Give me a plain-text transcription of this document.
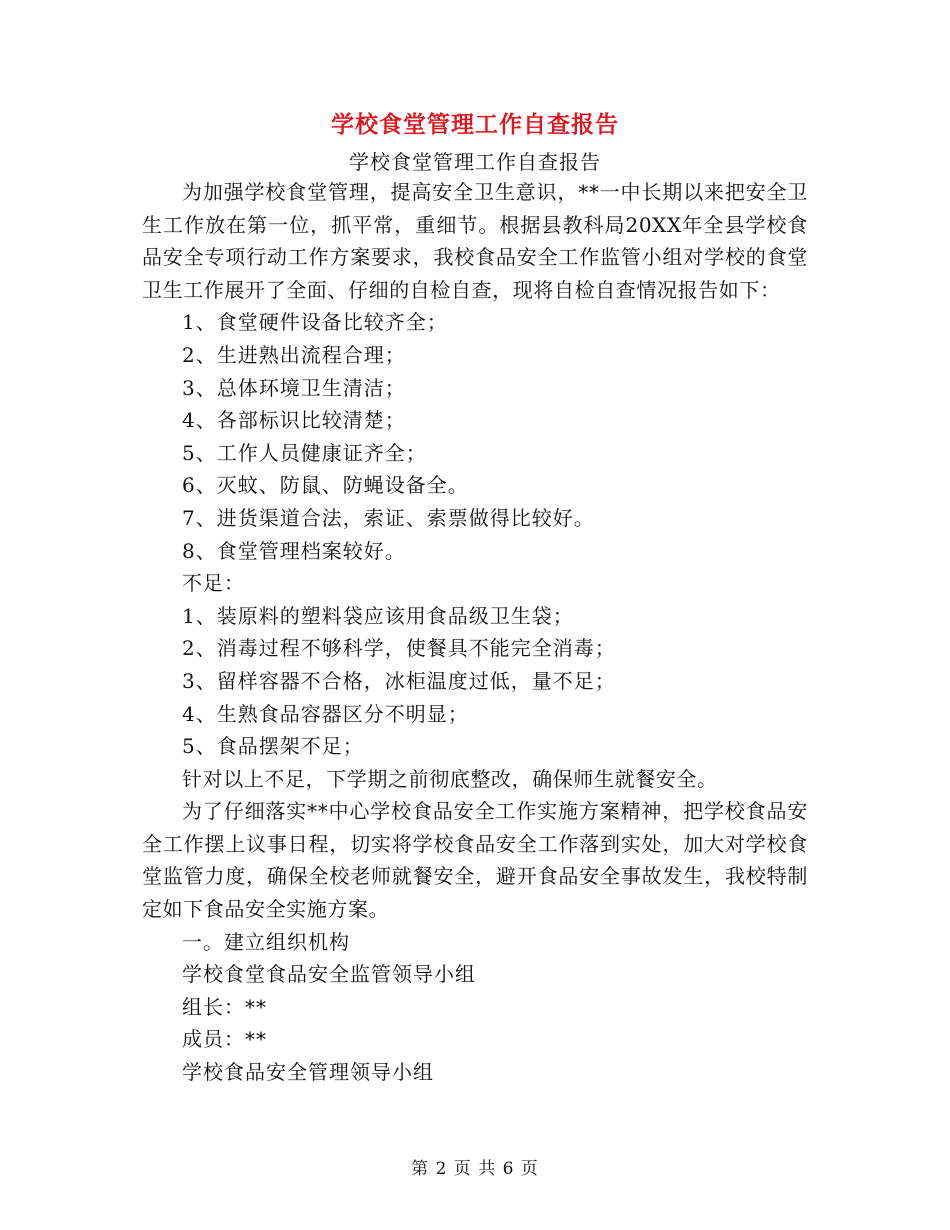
学校食堂管理工作自查报告
学校食堂管理工作自查报告

为加强学校食堂管理，提高安全卫生意识，**一中长期以来把安全卫生工作放在第一位，抓平常，重细节。根据县教科局20XX年全县学校食品安全专项行动工作方案要求，我校食品安全工作监管小组对学校的食堂卫生工作展开了全面、仔细的自检自查，现将自检自查情况报告如下：

1、食堂硬件设备比较齐全；

2、生进熟出流程合理；

3、总体环境卫生清洁；

4、各部标识比较清楚；

5、工作人员健康证齐全；

6、灭蚊、防鼠、防蝇设备全。

7、进货渠道合法，索证、索票做得比较好。

8、食堂管理档案较好。

不足：

1、装原料的塑料袋应该用食品级卫生袋；

2、消毒过程不够科学，使餐具不能完全消毒；

3、留样容器不合格，冰柜温度过低，量不足；

4、生熟食品容器区分不明显；

5、食品摆架不足；

针对以上不足，下学期之前彻底整改，确保师生就餐安全。

为了仔细落实**中心学校食品安全工作实施方案精神，把学校食品安全工作摆上议事日程，切实将学校食品安全工作落到实处，加大对学校食堂监管力度，确保全校老师就餐安全，避开食品安全事故发生，我校特制定如下食品安全实施方案。

一。建立组织机构

学校食堂食品安全监管领导小组

组长：**

成员：**

学校食品安全管理领导小组

第 2 页 共 6 页
